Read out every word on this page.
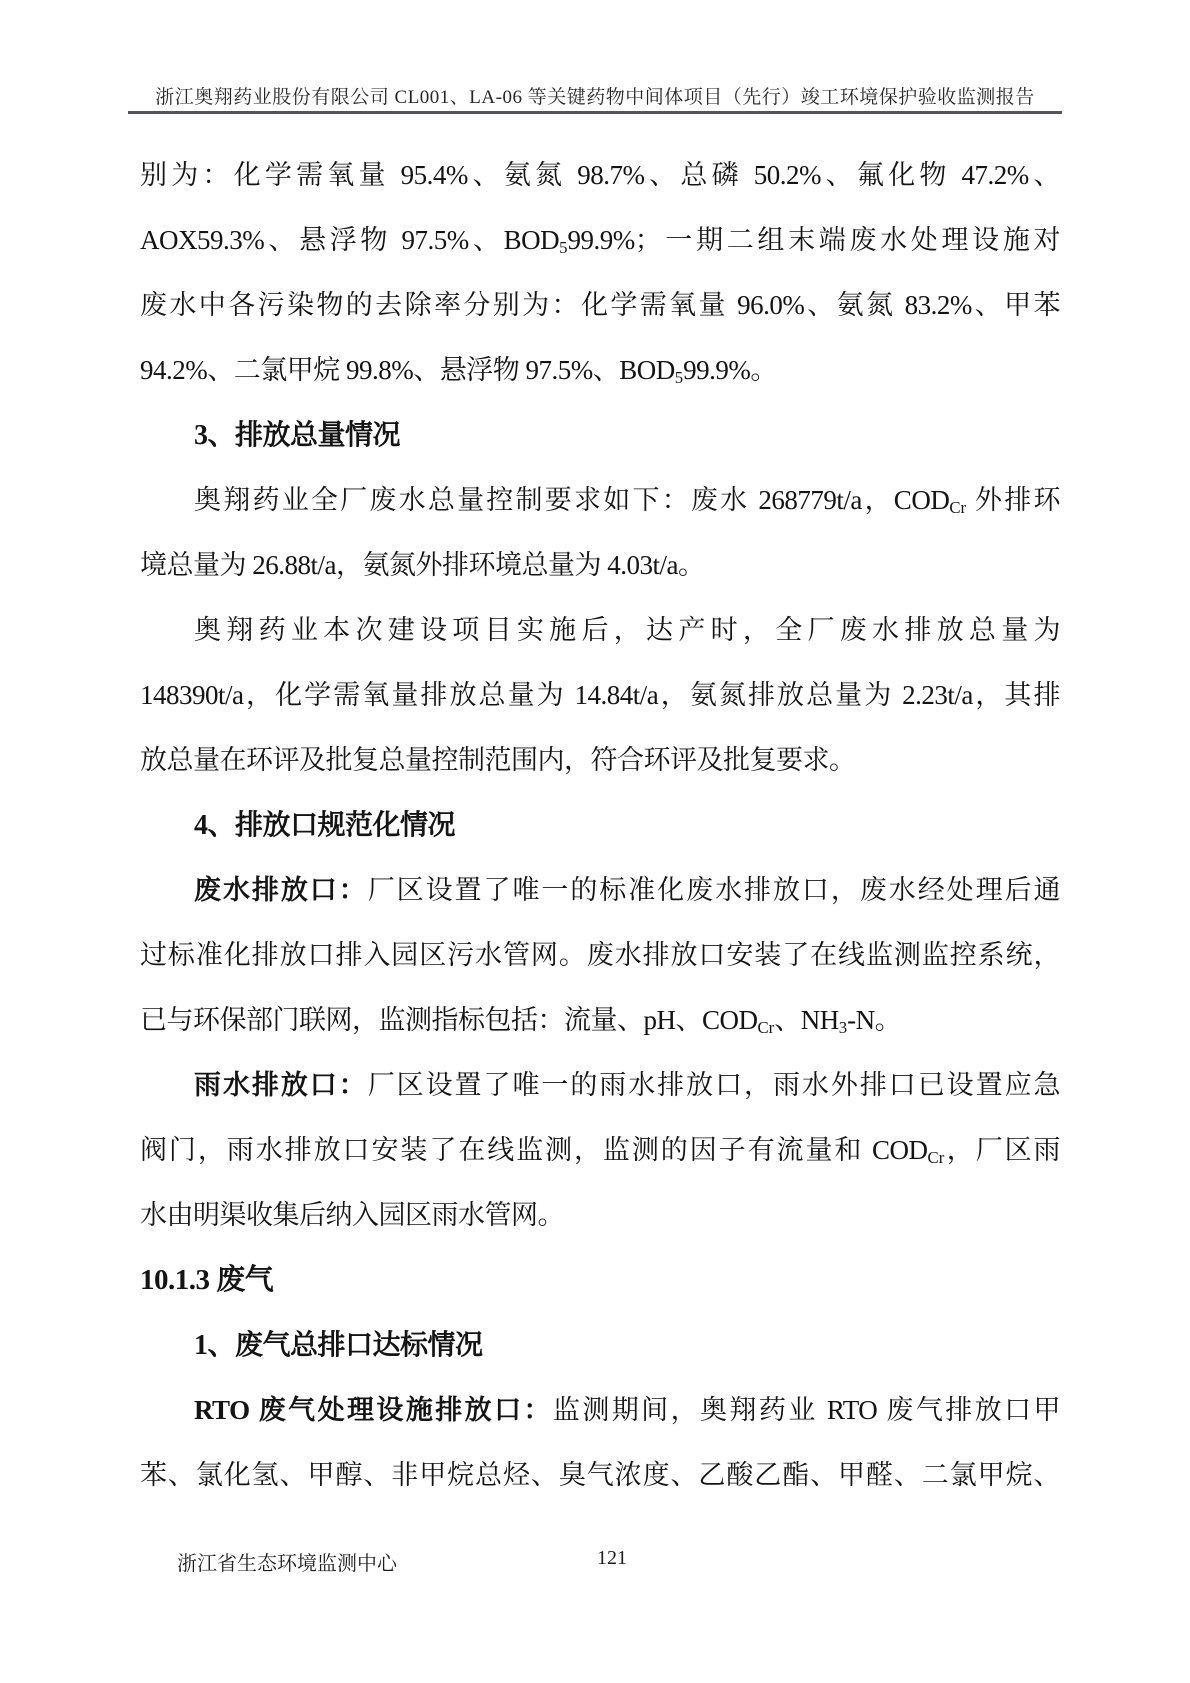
浙江奥翔药业股份有限公司 CL001、LA-06 等关键药物中间体项目（先行）竣工环境保护验收监测报告
别为：化学需氧量 95.4%、氨氮 98.7%、总磷 50.2%、氟化物 47.2%、
AOX59.3%、悬浮物 97.5%、$BOD_599.9\%$；一期二组末端废水处理设施对
废水中各污染物的去除率分别为：化学需氧量 96.0%、氨氮 83.2%、甲苯
94.2%、二氯甲烷 99.8%、悬浮物 97.5%、$BOD_599.9\%$。
3、排放总量情况
奥翔药业全厂废水总量控制要求如下：废水 268779t/a，$COD_{Cr}$ 外排环
境总量为 26.88t/a，氨氮外排环境总量为 4.03t/a。
奥翔药业本次建设项目实施后，达产时，全厂废水排放总量为
148390t/a，化学需氧量排放总量为 14.84t/a，氨氮排放总量为 2.23t/a，其排
放总量在环评及批复总量控制范围内，符合环评及批复要求。
4、排放口规范化情况
废水排放口：厂区设置了唯一的标准化废水排放口，废水经处理后通
过标准化排放口排入园区污水管网。废水排放口安装了在线监测监控系统，
已与环保部门联网，监测指标包括：流量、pH、$COD_{Cr}$、$NH_3-N$。
雨水排放口：厂区设置了唯一的雨水排放口，雨水外排口已设置应急
阀门，雨水排放口安装了在线监测，监测的因子有流量和 $COD_{Cr}$，厂区雨
水由明渠收集后纳入园区雨水管网。
10.1.3 废气
1、废气总排口达标情况
RTO 废气处理设施排放口：监测期间，奥翔药业 RTO 废气排放口甲
苯、氯化氢、甲醇、非甲烷总烃、臭气浓度、乙酸乙酯、甲醛、二氯甲烷、
浙江省生态环境监测中心	121
